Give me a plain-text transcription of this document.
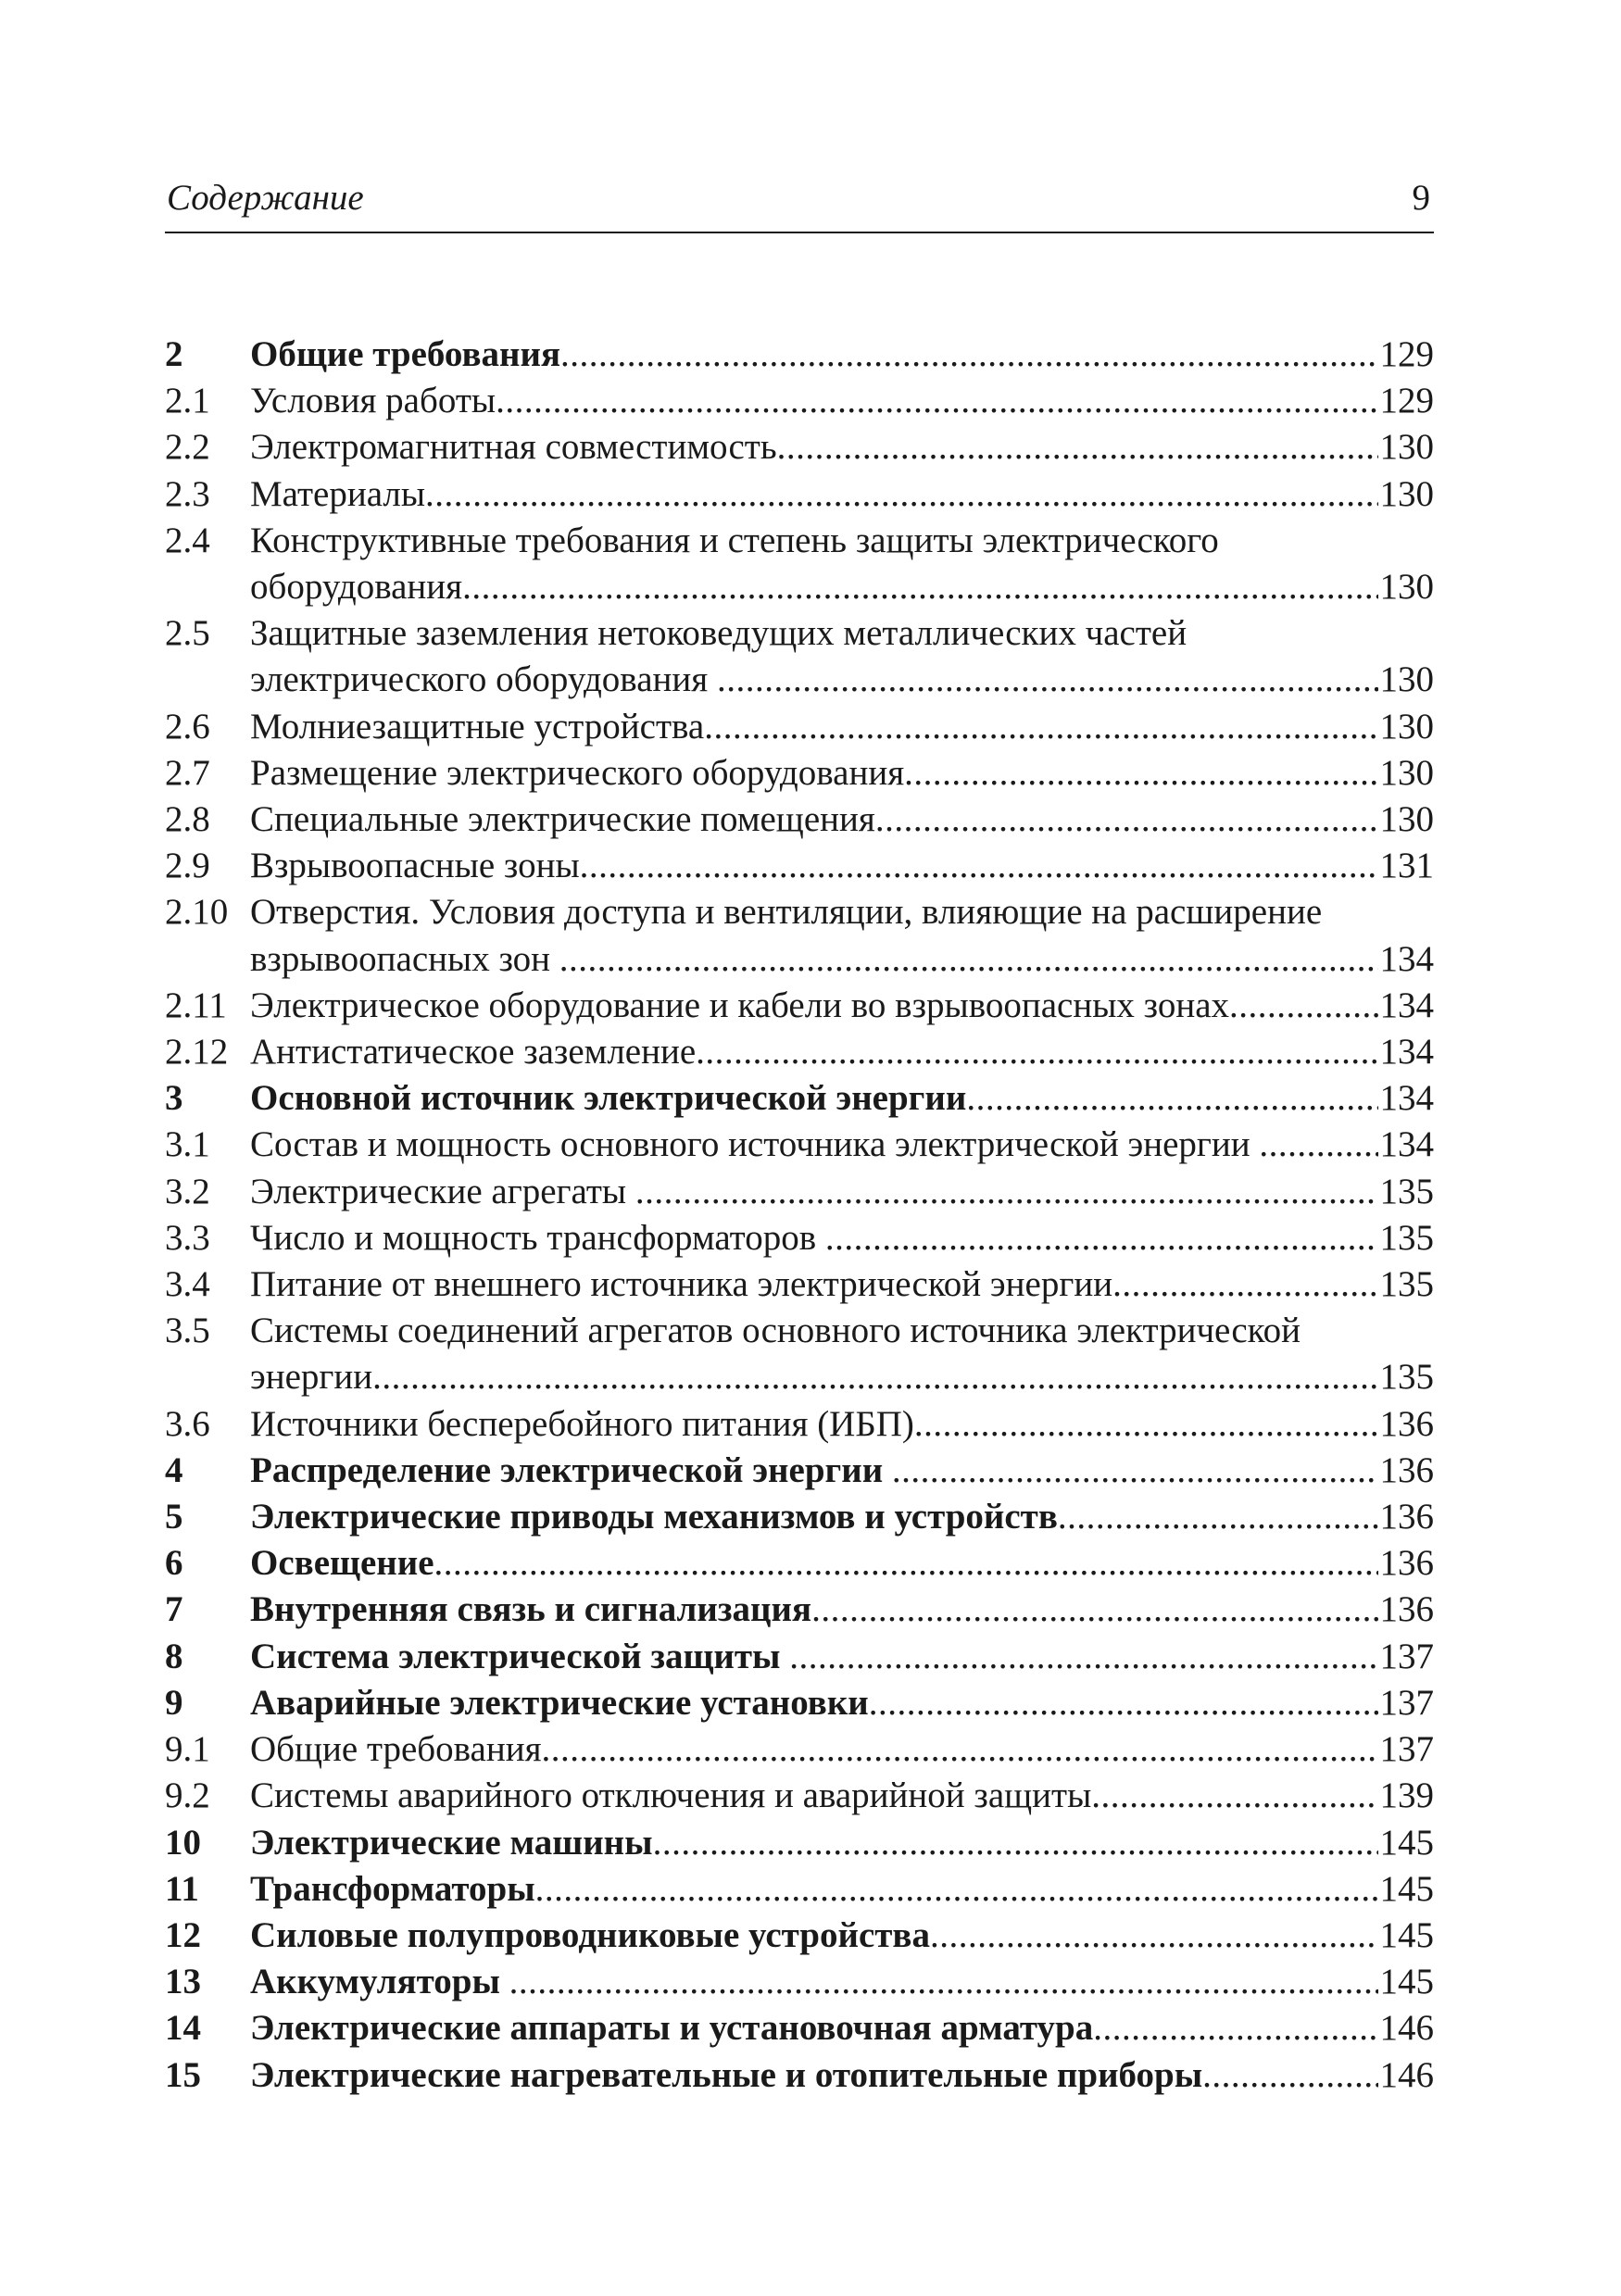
Содержание	9
2	Общие требования .....	129
2.1	Условия работы .....	129
2.2	Электромагнитная совместимость .....	130
2.3	Материалы .....	130
2.4	Конструктивные требования и степень защиты электрического
оборудования .....	130
2.5	Защитные заземления нетоковедущих металлических частей
электрического оборудования .....	130
2.6	Молниезащитные устройства .....	130
2.7	Размещение электрического оборудования .....	130
2.8	Специальные электрические помещения .....	130
2.9	Взрывоопасные зоны .....	131
2.10 Отверстия. Условия доступа и вентиляции, влияющие на расширение
взрывоопасных зон .....	134
2.11 Электрическое оборудование и кабели во взрывоопасных зонах .....	134
2.12 Антистатическое заземление .....	134
3	Основной источник электрической энергии .....	134
3.1	Состав и мощность основного источника электрической энергии .....	134
3.2	Электрические агрегаты .....	135
3.3	Число и мощность трансформаторов .....	135
3.4	Питание от внешнего источника электрической энергии .....	135
3.5	Системы соединений агрегатов основного источника электрической
энергии .....	135
3.6	Источники бесперебойного питания (ИБП) .....	136
4	Распределение электрической энергии .....	136
5	Электрические приводы механизмов и устройств .....	136
6	Освещение .....	136
7	Внутренняя связь и сигнализация .....	136
8	Система электрической защиты .....	137
9	Аварийные электрические установки .....	137
9.1	Общие требования .....	137
9.2	Системы аварийного отключения и аварийной защиты .....	139
10	Электрические машины .....	145
11	Трансформаторы .....	145
12	Силовые полупроводниковые устройства .....	145
13	Аккумуляторы .....	145
14	Электрические аппараты и установочная арматура .....	146
15	Электрические нагревательные и отопительные приборы .....	146
